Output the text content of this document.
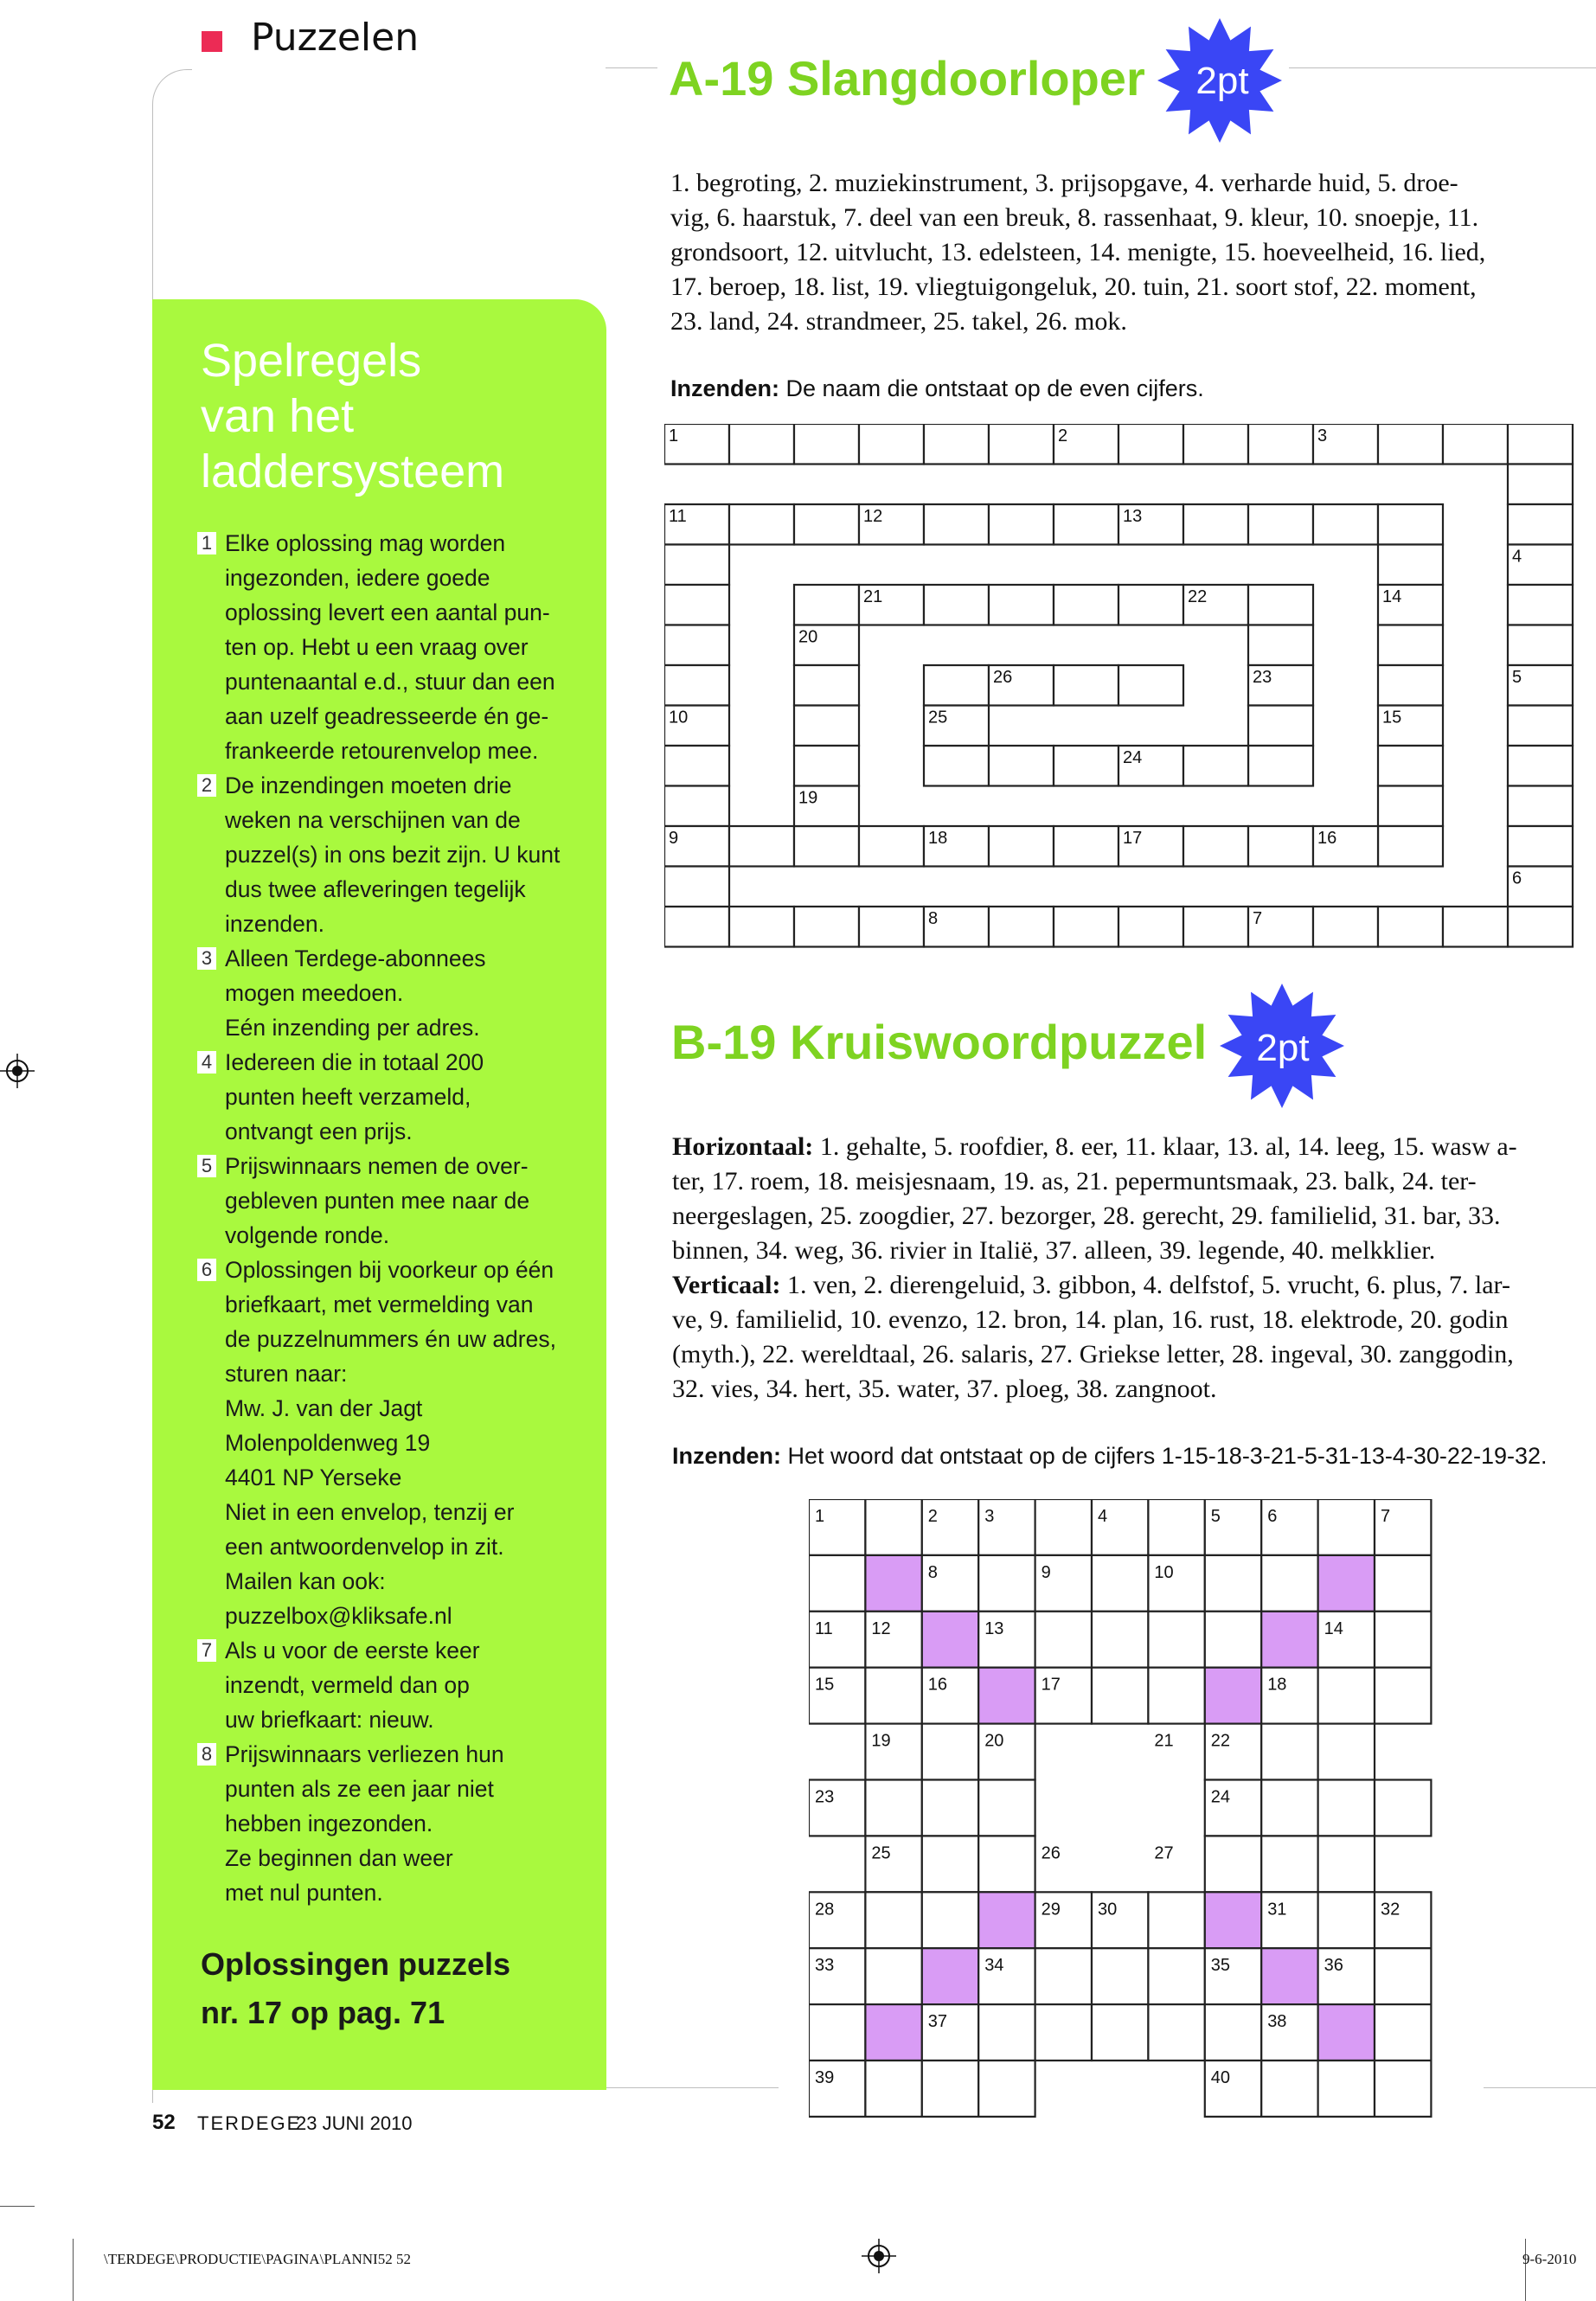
Puzzelen
A-19 Slangdoorloper 2pt
1. begroting, 2. muziekinstrument, 3. prijsopgave, 4. verharde huid, 5. droe-
vig, 6. haarstuk, 7. deel van een breuk, 8. rassenhaat, 9. kleur, 10. snoepje, 11.
grondsoort, 12. uitvlucht, 13. edelsteen, 14. menigte, 15. hoeveelheid, 16. lied,
17. beroep, 18. list, 19. vliegtuigongeluk, 20. tuin, 21. soort stof, 22. moment,
23. land, 24. strandmeer, 25. takel, 26. mok.
Inzenden: De naam die ontstaat op de even cijfers.
1	2	3
4
5
6
7
8
9
10
11	12	13
14
15
16
17
18
19
20
21	22
23
24
25
26
B-19 Kruiswoordpuzzel 2pt
Horizontaal: 1. gehalte, 5. roofdier, 8. eer, 11. klaar, 13. al, 14. leeg, 15. wasw a-
ter, 17. roem, 18. meisjesnaam, 19. as, 21. pepermuntsmaak, 23. balk, 24. ter-
neergeslagen, 25. zoogdier, 27. bezorger, 28. gerecht, 29. familielid, 31. bar, 33.
binnen, 34. weg, 36. rivier in Italië, 37. alleen, 39. legende, 40. melkklier.
Verticaal: 1. ven, 2. dierengeluid, 3. gibbon, 4. delfstof, 5. vrucht, 6. plus, 7. lar-
ve, 9. familielid, 10. evenzo, 12. bron, 14. plan, 16. rust, 18. elektrode, 20. godin
(myth.), 22. wereldtaal, 26. salaris, 27. Griekse letter, 28. ingeval, 30. zanggodin,
32. vies, 34. hert, 35. water, 37. ploeg, 38. zangnoot.
Inzenden: Het woord dat ontstaat op de cijfers 1-15-18-3-21-5-31-13-4-30-22-19-32.
1	2	3	4	5	6	7
8	9	10
11 12	13	14
15	16	17	18
19	20	21 22
23	24
25	26	27
28	29 30	31	32
33	34	35	36
37	38
39	40
Spelregels
van het
laddersysteem
1 Elke oplossing mag worden
ingezonden, iedere goede
oplossing levert een aantal pun-
ten op. Hebt u een vraag over
puntenaantal e.d., stuur dan een
aan uzelf geadresseerde én ge-
frankeerde retourenvelop mee.
2 De inzendingen moeten drie
weken na verschijnen van de
puzzel(s) in ons bezit zijn. U kunt
dus twee afleveringen tegelijk
inzenden.
3 Alleen Terdege-abonnees
mogen meedoen.
Eén inzending per adres.
4 Iedereen die in totaal 200
punten heeft verzameld,
ontvangt een prijs.
5 Prijswinnaars nemen de over-
gebleven punten mee naar de
volgende ronde.
6 Oplossingen bij voorkeur op één
briefkaart, met vermelding van
de puzzelnummers én uw adres,
sturen naar:
Mw. J. van der Jagt
Molenpoldenweg 19
4401 NP Yerseke
Niet in een envelop, tenzij er
een antwoordenvelop in zit.
Mailen kan ook:
puzzelbox@kliksafe.nl
7 Als u voor de eerste keer
inzendt, vermeld dan op
uw briefkaart: nieuw.
8 Prijswinnaars verliezen hun
punten als ze een jaar niet
hebben ingezonden.
Ze beginnen dan weer
met nul punten.
Oplossingen puzzels
nr. 17 op pag. 71
52 TERDEGE
23 JUNI 2010
\TERDEGE\PRODUCTIE\PAGINA\PLANNI52 52	9-6-2010
